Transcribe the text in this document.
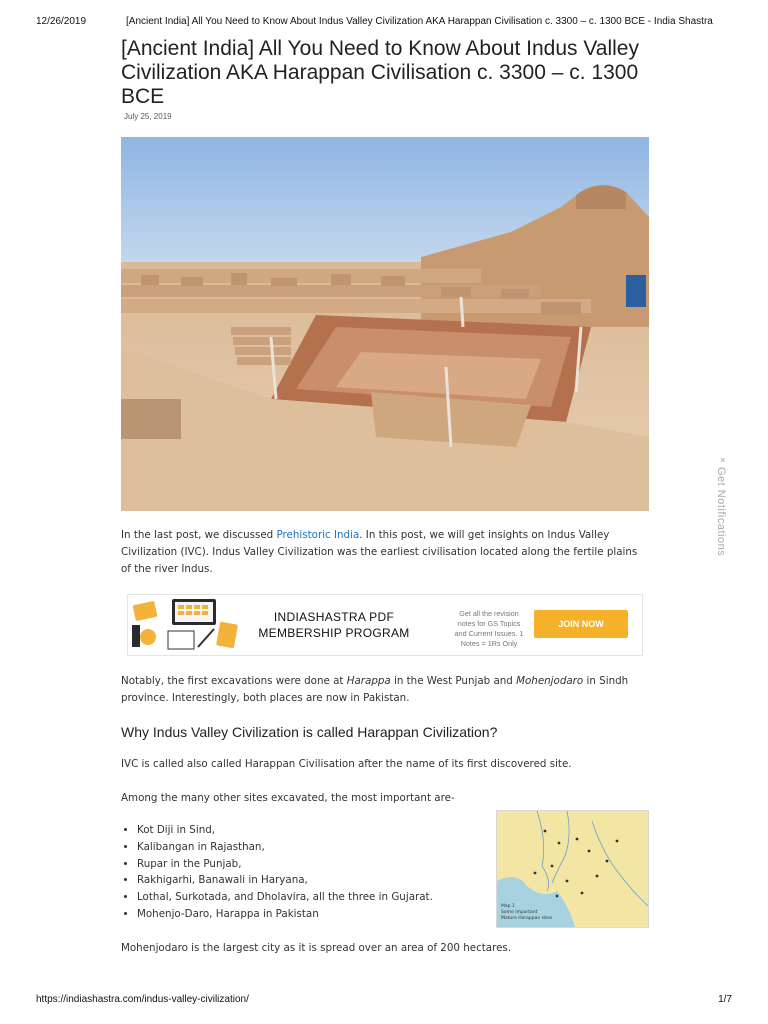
12/26/2019	[Ancient India] All You Need to Know About Indus Valley Civilization AKA Harappan Civilisation c. 3300 – c. 1300 BCE - India Shastra
[Ancient India] All You Need to Know About Indus Valley Civilization AKA Harappan Civilisation c. 3300 – c. 1300 BCE
July 25, 2019
×
Get Notifications

In the last post, we discussed Prehistoric India. In this post, we will get insights on Indus Valley Civilization (IVC). Indus Valley Civilization was the earliest civilisation located along the fertile plains of the river Indus.

INDIASHASTRA PDF
MEMBERSHIP PROGRAM
Get all the revision
notes for GS Topics
and Current Issues. 1
Notes = 1Rs Only
JOIN NOW

Notably, the first excavations were done at Harappa in the West Punjab and Mohenjodaro in Sindh province. Interestingly, both places are now in Pakistan.

Why Indus Valley Civilization is called Harappan Civilization?

IVC is called also called Harappan Civilisation after the name of its first discovered site.

Among the many other sites excavated, the most important are-

• Kot Diji in Sind,
• Kalibangan in Rajasthan,
• Rupar in the Punjab,
• Rakhigarhi, Banawali in Haryana,
• Lothal, Surkotada, and Dholavira, all the three in Gujarat.
• Mohenjo-Daro, Harappa in Pakistan
Map 1
Some important
Mature Harappan sites

Mohenjodaro is the largest city as it is spread over an area of 200 hectares.

https://indiashastra.com/indus-valley-civilization/	1/7
